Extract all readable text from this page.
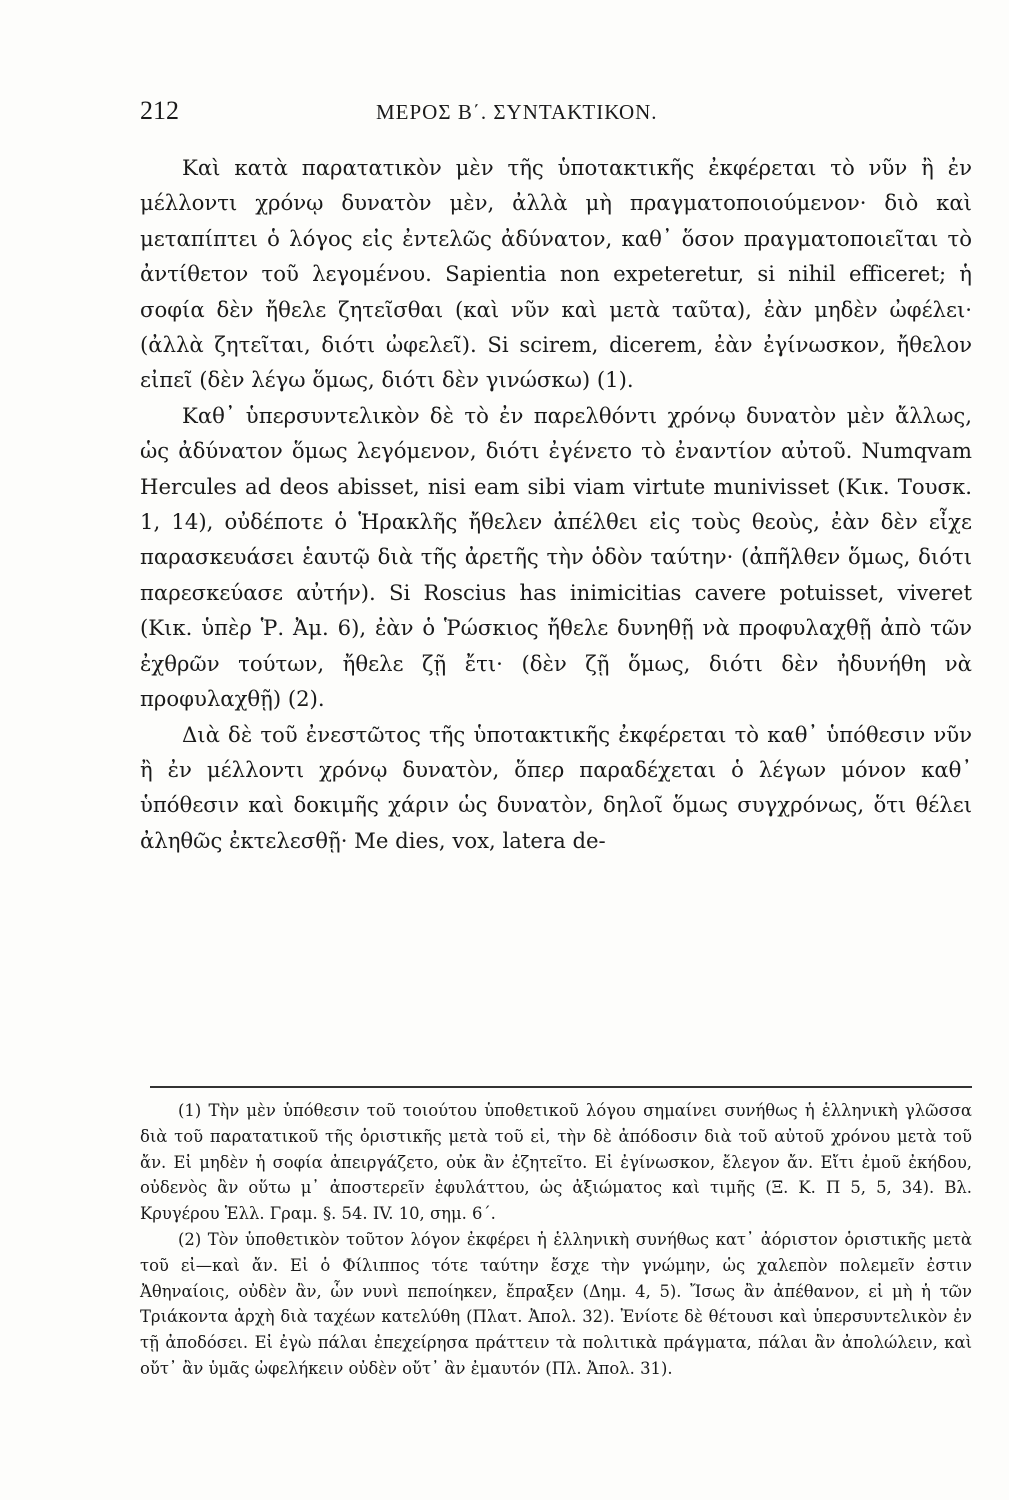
212	ΜΕΡΟΣ Β΄. ΣΥΝΤΑΚΤΙΚΟΝ.

Καὶ κατὰ παρατατικὸν μὲν τῆς ὑποτακτικῆς ἐκφέρεται τὸ νῦν ἢ ἐν μέλλοντι χρόνῳ δυνατὸν μὲν, ἀλλὰ μὴ πραγματοποιούμενον· διὸ καὶ μεταπίπτει ὁ λόγος εἰς ἐντελῶς ἀδύνατον, καθ᾽ ὅσον πραγματοποιεῖται τὸ ἀντίθετον τοῦ λεγομένου. Sapientia non expeteretur, si nihil efficeret; ἡ σοφία δὲν ἤθελε ζητεῖσθαι (καὶ νῦν καὶ μετὰ ταῦτα), ἐὰν μηδὲν ὠφέλει· (ἀλλὰ ζητεῖται, διότι ὠφελεῖ). Si scirem, dicerem, ἐὰν ἐγίνωσκον, ἤθελον εἰπεῖ (δὲν λέγω ὅμως, διότι δὲν γινώσκω) (1).

Καθ᾽ ὑπερσυντελικὸν δὲ τὸ ἐν παρελθόντι χρόνῳ δυνατὸν μὲν ἄλλως, ὡς ἀδύνατον ὅμως λεγόμενον, διότι ἐγένετο τὸ ἐναντίον αὐτοῦ. Numqvam Hercules ad deos abisset, nisi eam sibi viam virtute munivisset (Κικ. Τουσκ. 1, 14), οὐδέποτε ὁ Ἡρακλῆς ἤθελεν ἀπέλθει εἰς τοὺς θεοὺς, ἐὰν δὲν εἶχε παρασκευάσει ἑαυτῷ διὰ τῆς ἀρετῆς τὴν ὁδὸν ταύτην· (ἀπῆλθεν ὅμως, διότι παρεσκεύασε αὐτήν). Si Roscius has inimicitias cavere potuisset, viveret (Κικ. ὑπὲρ Ῥ. Ἀμ. 6), ἐὰν ὁ Ῥώσκιος ἤθελε δυνηθῇ νὰ προφυλαχθῇ ἀπὸ τῶν ἐχθρῶν τούτων, ἤθελε ζῇ ἔτι· (δὲν ζῇ ὅμως, διότι δὲν ἠδυνήθη νὰ προφυλαχθῇ) (2).

Διὰ δὲ τοῦ ἐνεστῶτος τῆς ὑποτακτικῆς ἐκφέρεται τὸ καθ᾽ ὑπόθεσιν νῦν ἢ ἐν μέλλοντι χρόνῳ δυνατὸν, ὅπερ παραδέχεται ὁ λέγων μόνον καθ᾽ ὑπόθεσιν καὶ δοκιμῆς χάριν ὡς δυνατὸν, δηλοῖ ὅμως συγχρόνως, ὅτι θέλει ἀληθῶς ἐκτελεσθῇ· Me dies, vox, latera de-

(1) Τὴν μὲν ὑπόθεσιν τοῦ τοιούτου ὑποθετικοῦ λόγου σημαίνει συνήθως ἡ ἑλληνικὴ γλῶσσα διὰ τοῦ παρατατικοῦ τῆς ὁριστικῆς μετὰ τοῦ εἰ, τὴν δὲ ἀπόδοσιν διὰ τοῦ αὐτοῦ χρόνου μετὰ τοῦ ἄν. Εἰ μηδὲν ἡ σοφία ἀπειργάζετο, οὐκ ἂν ἐζητεῖτο. Εἰ ἐγίνωσκον, ἔλεγον ἄν. Εἴτι ἐμοῦ ἐκήδου, οὐδενὸς ἂν οὕτω μ᾽ ἀποστερεῖν ἐφυλάττου, ὡς ἀξιώματος καὶ τιμῆς (Ξ. Κ. Π 5, 5, 34). Βλ. Κρυγέρου Ἑλλ. Γραμ. §. 54. IV. 10, σημ. 6΄.

(2) Τὸν ὑποθετικὸν τοῦτον λόγον ἐκφέρει ἡ ἑλληνικὴ συνήθως κατ᾽ ἀόριστον ὁριστικῆς μετὰ τοῦ εἰ—καὶ ἄν. Εἰ ὁ Φίλιππος τότε ταύτην ἔσχε τὴν γνώμην, ὡς χαλεπὸν πολεμεῖν ἐστιν Ἀθηναίοις, οὐδὲν ἂν, ὧν νυνὶ πεποίηκεν, ἔπραξεν (Δημ. 4, 5). Ἴσως ἂν ἀπέθανον, εἰ μὴ ἡ τῶν Τριάκοντα ἀρχὴ διὰ ταχέων κατελύθη (Πλατ. Ἀπολ. 32). Ἐνίοτε δὲ θέτουσι καὶ ὑπερσυντελικὸν ἐν τῇ ἀποδόσει. Εἰ ἐγὼ πάλαι ἐπεχείρησα πράττειν τὰ πολιτικὰ πράγματα, πάλαι ἂν ἀπολώλειν, καὶ οὔτ᾽ ἂν ὑμᾶς ὠφελήκειν οὐδὲν οὔτ᾽ ἂν ἐμαυτόν (Πλ. Ἀπολ. 31).
